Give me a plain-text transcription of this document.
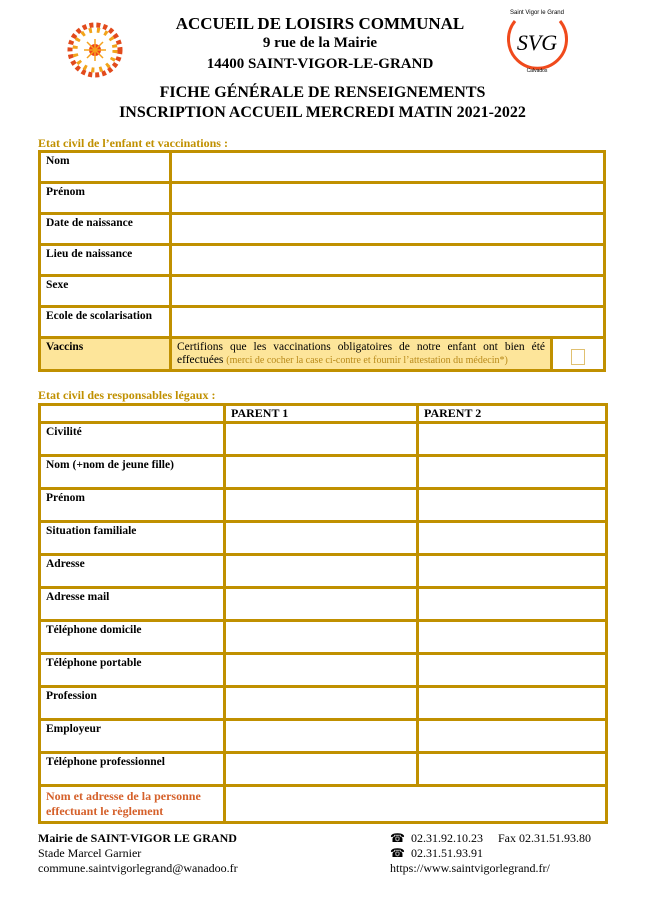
SVG
Saint Vigor le Grand
Calvados
ACCUEIL DE LOISIRS COMMUNAL
9 rue de la Mairie
14400 SAINT-VIGOR-LE-GRAND
FICHE GÉNÉRALE DE RENSEIGNEMENTS
INSCRIPTION ACCUEIL MERCREDI MATIN 2021-2022
Etat civil de l’enfant et vaccinations :
Nom		
Prénom		
Date de naissance		
Lieu de naissance		
Sexe		
Ecole de scolarisation		
Vaccins	Certifions que les vaccinations obligatoires de notre enfant ont bien été effectuées (merci de cocher la case ci-contre et fournir l’attestation du médecin*)	
Etat civil des responsables légaux :
	PARENT 1	PARENT 2
Civilité		
Nom (+nom de jeune fille)		
Prénom		
Situation familiale		
Adresse		
Adresse mail		
Téléphone domicile		
Téléphone portable		
Profession		
Employeur		
Téléphone professionnel		
Nom et adresse de la personne effectuant le règlement		
Mairie de SAINT-VIGOR LE GRAND
Stade Marcel Garnier
commune.saintvigorlegrand@wanadoo.fr
☎ 02.31.92.10.23 Fax 02.31.51.93.80
☎ 02.31.51.93.91
https://www.saintvigorlegrand.fr/
